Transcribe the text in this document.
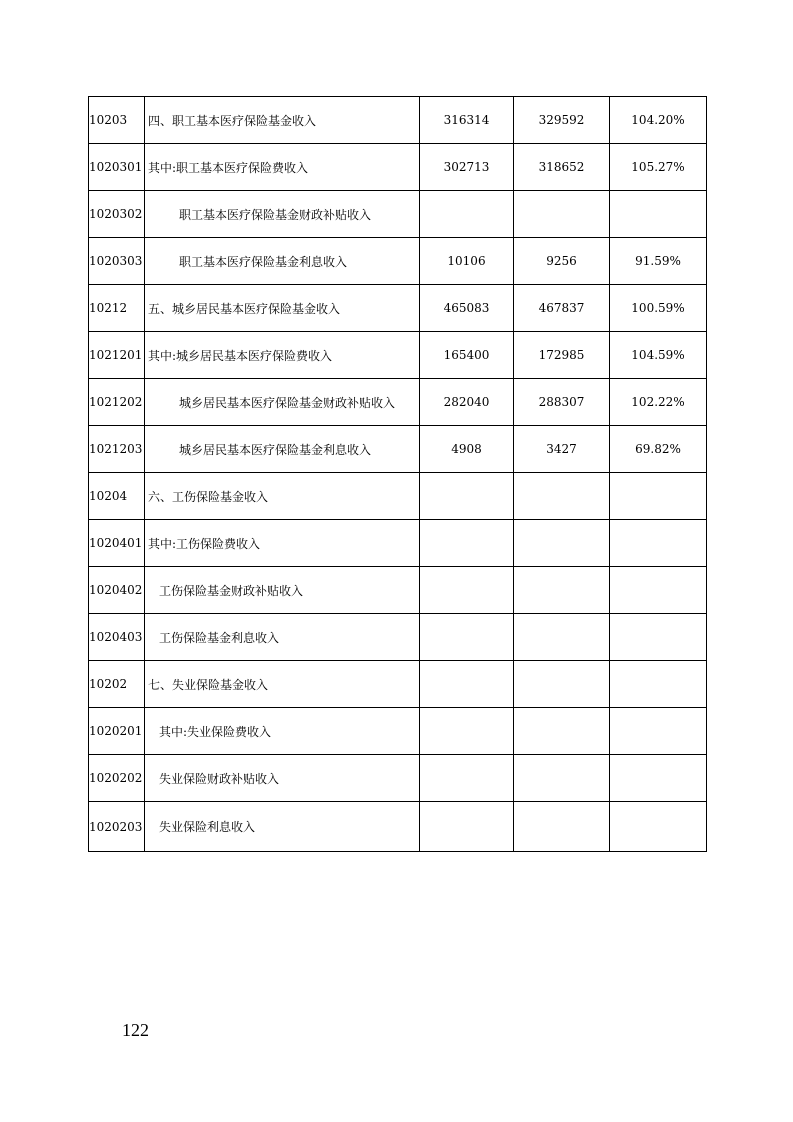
10203	四、职工基本医疗保险基金收入	316314	329592	104.20%
1020301	其中:职工基本医疗保险费收入	302713	318652	105.27%
1020302	职工基本医疗保险基金财政补贴收入			
1020303	职工基本医疗保险基金利息收入	10106	9256	91.59%
10212	五、城乡居民基本医疗保险基金收入	465083	467837	100.59%
1021201	其中:城乡居民基本医疗保险费收入	165400	172985	104.59%
1021202	城乡居民基本医疗保险基金财政补贴收入	282040	288307	102.22%
1021203	城乡居民基本医疗保险基金利息收入	4908	3427	69.82%
10204	六、工伤保险基金收入			
1020401	其中:工伤保险费收入			
1020402	工伤保险基金财政补贴收入			
1020403	工伤保险基金利息收入			
10202	七、失业保险基金收入			
1020201	其中:失业保险费收入			
1020202	失业保险财政补贴收入			
1020203	失业保险利息收入			
122
